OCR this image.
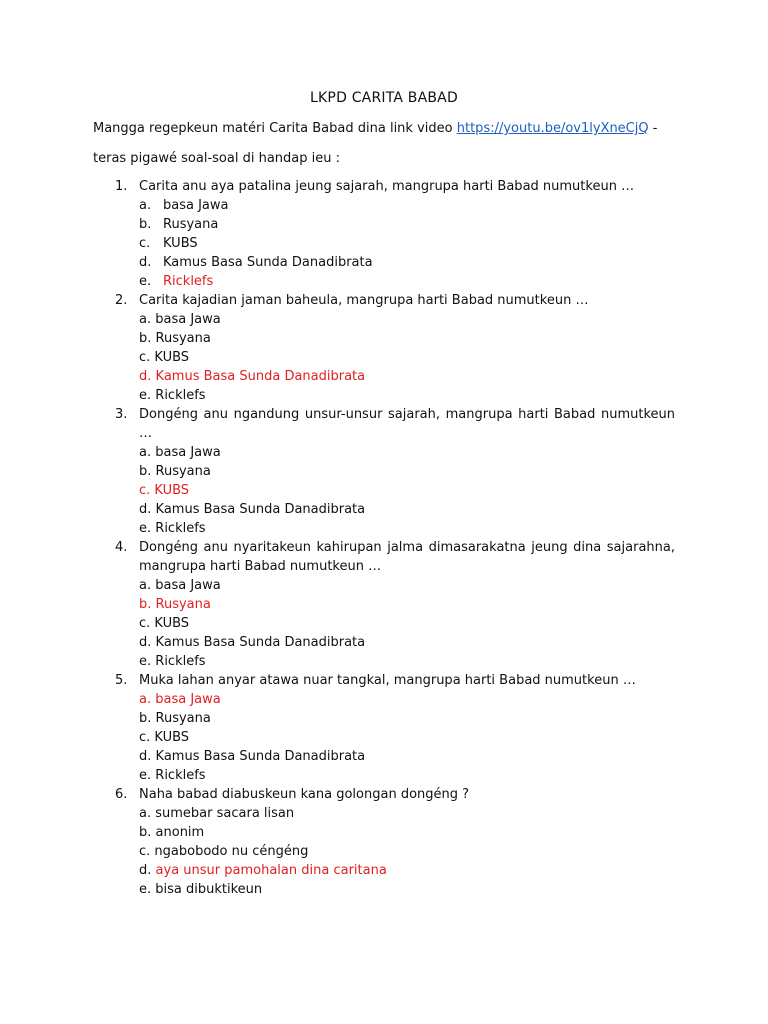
LKPD CARITA BABAD
Mangga regepkeun matéri Carita Babad dina link video https://youtu.be/ov1lyXneCjQ -
teras pigawé soal-soal di handap ieu :
1. Carita anu aya patalina jeung sajarah, mangrupa harti Babad numutkeun …
a. basa Jawa
b. Rusyana
c. KUBS
d. Kamus Basa Sunda Danadibrata
e. Ricklefs
2. Carita kajadian jaman baheula, mangrupa harti Babad numutkeun …
a. basa Jawa
b. Rusyana
c. KUBS
d. Kamus Basa Sunda Danadibrata
e. Ricklefs
3. Dongéng anu ngandung unsur-unsur sajarah, mangrupa harti Babad numutkeun …
a. basa Jawa
b. Rusyana
c. KUBS
d. Kamus Basa Sunda Danadibrata
e. Ricklefs
4. Dongéng anu nyaritakeun kahirupan jalma dimasarakatna jeung dina sajarahna, mangrupa harti Babad numutkeun …
a. basa Jawa
b. Rusyana
c. KUBS
d. Kamus Basa Sunda Danadibrata
e. Ricklefs
5. Muka lahan anyar atawa nuar tangkal, mangrupa harti Babad numutkeun …
a. basa Jawa
b. Rusyana
c. KUBS
d. Kamus Basa Sunda Danadibrata
e. Ricklefs
6. Naha babad diabuskeun kana golongan dongéng ?
a. sumebar sacara lisan
b. anonim
c. ngabobodo nu céngéng
d. aya unsur pamohalan dina caritana
e. bisa dibuktikeun
